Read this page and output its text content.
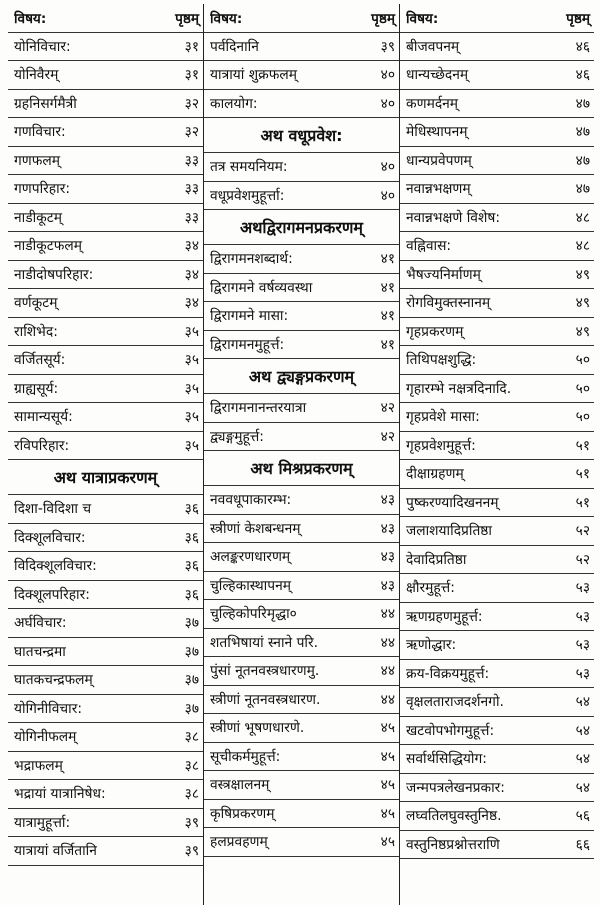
विषय:	पृष्ठम्
योनिविचार:	३१
योनिवैरम्	३१
ग्रहनिसर्गमैत्री	३२
गणविचार:	३२
गणफलम्	३३
गणपरिहार:	३३
नाडीकूटम्	३३
नाडीकूटफलम्	३४
नाडीदोषपरिहार:	३४
वर्णकूटम्	३४
राशिभेद:	३५
वर्जितसूर्य:	३५
ग्राह्यसूर्य:	३५
सामान्यसूर्य:	३५
रविपरिहार:	३५
अथ यात्राप्रकरणम्
दिशा-विदिशा च	३६
दिक्शूलविचार:	३६
विदिक्शूलविचार:	३६
दिक्शूलपरिहार:	३६
अर्घविचार:	३७
घातचन्द्रमा	३७
घातकचन्द्रफलम्	३७
योगिनीविचार:	३७
योगिनीफलम्	३८
भद्राफलम्	३८
भद्रायां यात्रानिषेध:	३८
यात्रामुहूर्त्ता:	३९
यात्रायां वर्जितानि	३९
विषय:	पृष्ठम्
पर्वदिनानि	३९
यात्रायां शुक्रफलम्	४०
कालयोग:	४०
अथ वधूप्रवेश:
तत्र समयनियम:	४०
वधूप्रवेशमुहूर्त्ता:	४०
अथद्विरागमनप्रकरणम्
द्विरागमनशब्दार्थ:	४१
द्विरागमने वर्षव्यवस्था	४१
द्विरागमने मासा:	४१
द्विरागमनमुहूर्त्त:	४१
अथ द्व्यङ्गप्रकरणम्
द्विरागमनानन्तरयात्रा	४२
द्व्यङ्गमुहूर्त्त:	४२
अथ मिश्रप्रकरणम्
नववधूपाकारम्भ:	४३
स्त्रीणां केशबन्धनम्	४३
अलङ्करणधारणम्	४३
चुल्हिकास्थापनम्	४३
चुल्हिकोपरिमृद्धा०	४४
शतभिषायां स्नाने परि.	४४
पुंसां नूतनवस्त्रधारणमु.	४४
स्त्रीणां नूतनवस्त्रधारण.	४४
स्त्रीणां भूषणधारणे.	४५
सूचीकर्ममुहूर्त्त:	४५
वस्त्रक्षालनम्	४५
कृषिप्रकरणम्	४५
हलप्रवहणम्	४५
विषय:	पृष्ठम्
बीजवपनम्	४६
धान्यच्छेदनम्	४६
कणमर्दनम्	४७
मेधिस्थापनम्	४७
धान्यप्रवेपणम्	४७
नवान्नभक्षणम्	४७
नवान्नभक्षणे विशेष:	४८
वह्निवास:	४८
भैषज्यनिर्माणम्	४९
रोगविमुक्तस्नानम्	४९
गृहप्रकरणम्	४९
तिथिपक्षशुद्धि:	५०
गृहारम्भे नक्षत्रदिनादि.	५०
गृहप्रवेशे मासा:	५०
गृहप्रवेशमुहूर्त्त:	५१
दीक्षाग्रहणम्	५१
पुष्करण्यादिखननम्	५१
जलाशयादिप्रतिष्ठा	५२
देवादिप्रतिष्ठा	५२
क्षौरमुहूर्त्त:	५३
ऋणग्रहणमुहूर्त्त:	५३
ऋणोद्धार:	५३
क्रय-विक्रयमुहूर्त्त:	५३
वृक्षलताराजदर्शनगो.	५४
खटवोपभोगमुहूर्त्त:	५४
सर्वार्थसिद्धियोग:	५४
जन्मपत्रलेखनप्रकार:	५४
लघ्वतिलघुवस्तुनिष्ठ.	५६
वस्तुनिष्ठप्रश्नोत्तराणि	६६
